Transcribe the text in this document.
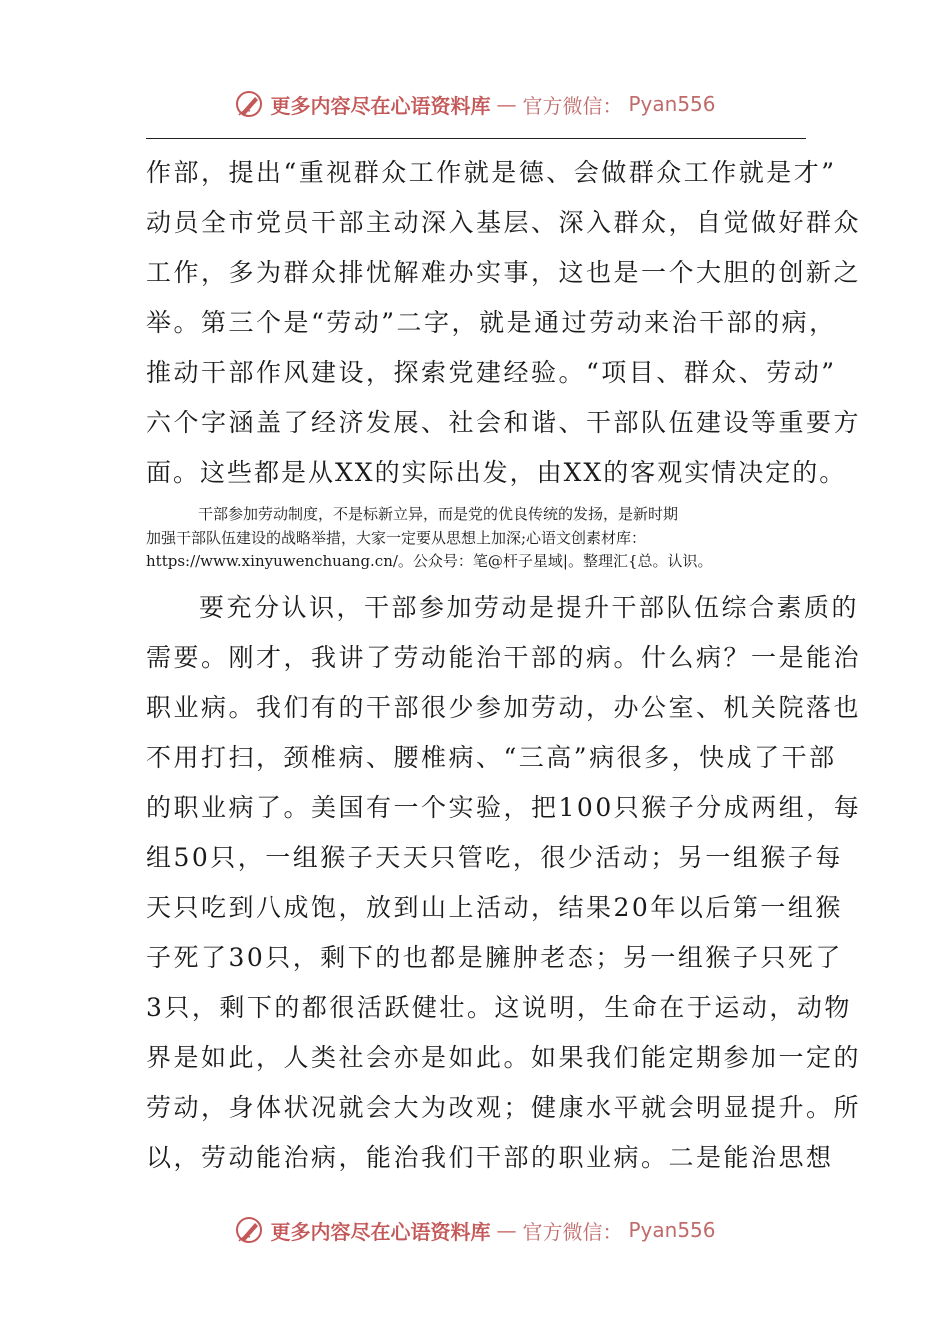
更多内容尽在心语资料库 — 官方微信： Pyan556
作部，提出“重视群众工作就是德、会做群众工作就是才”
动员全市党员干部主动深入基层、深入群众，自觉做好群众
工作，多为群众排忧解难办实事，这也是一个大胆的创新之
举。第三个是“劳动”二字，就是通过劳动来治干部的病，
推动干部作风建设，探索党建经验。“项目、群众、劳动”
六个字涵盖了经济发展、社会和谐、干部队伍建设等重要方
面。这些都是从XX的实际出发，由XX的客观实情决定的。
干部参加劳动制度，不是标新立异，而是党的优良传统的发扬，是新时期
加强干部队伍建设的战略举措，大家一定要从思想上加深;心语文创素材库：
https://www.xinyuwenchuang.cn/。公众号：笔@杆子星域|。整理汇{总。认识。
要充分认识，干部参加劳动是提升干部队伍综合素质的
需要。刚才，我讲了劳动能治干部的病。什么病？一是能治
职业病。我们有的干部很少参加劳动，办公室、机关院落也
不用打扫，颈椎病、腰椎病、“三高”病很多，快成了干部
的职业病了。美国有一个实验，把100只猴子分成两组，每
组50只，一组猴子天天只管吃，很少活动；另一组猴子每
天只吃到八成饱，放到山上活动，结果20年以后第一组猴
子死了30只，剩下的也都是臃肿老态；另一组猴子只死了
3只，剩下的都很活跃健壮。这说明，生命在于运动，动物
界是如此，人类社会亦是如此。如果我们能定期参加一定的
劳动，身体状况就会大为改观；健康水平就会明显提升。所
以，劳动能治病，能治我们干部的职业病。二是能治思想
更多内容尽在心语资料库 — 官方微信： Pyan556
